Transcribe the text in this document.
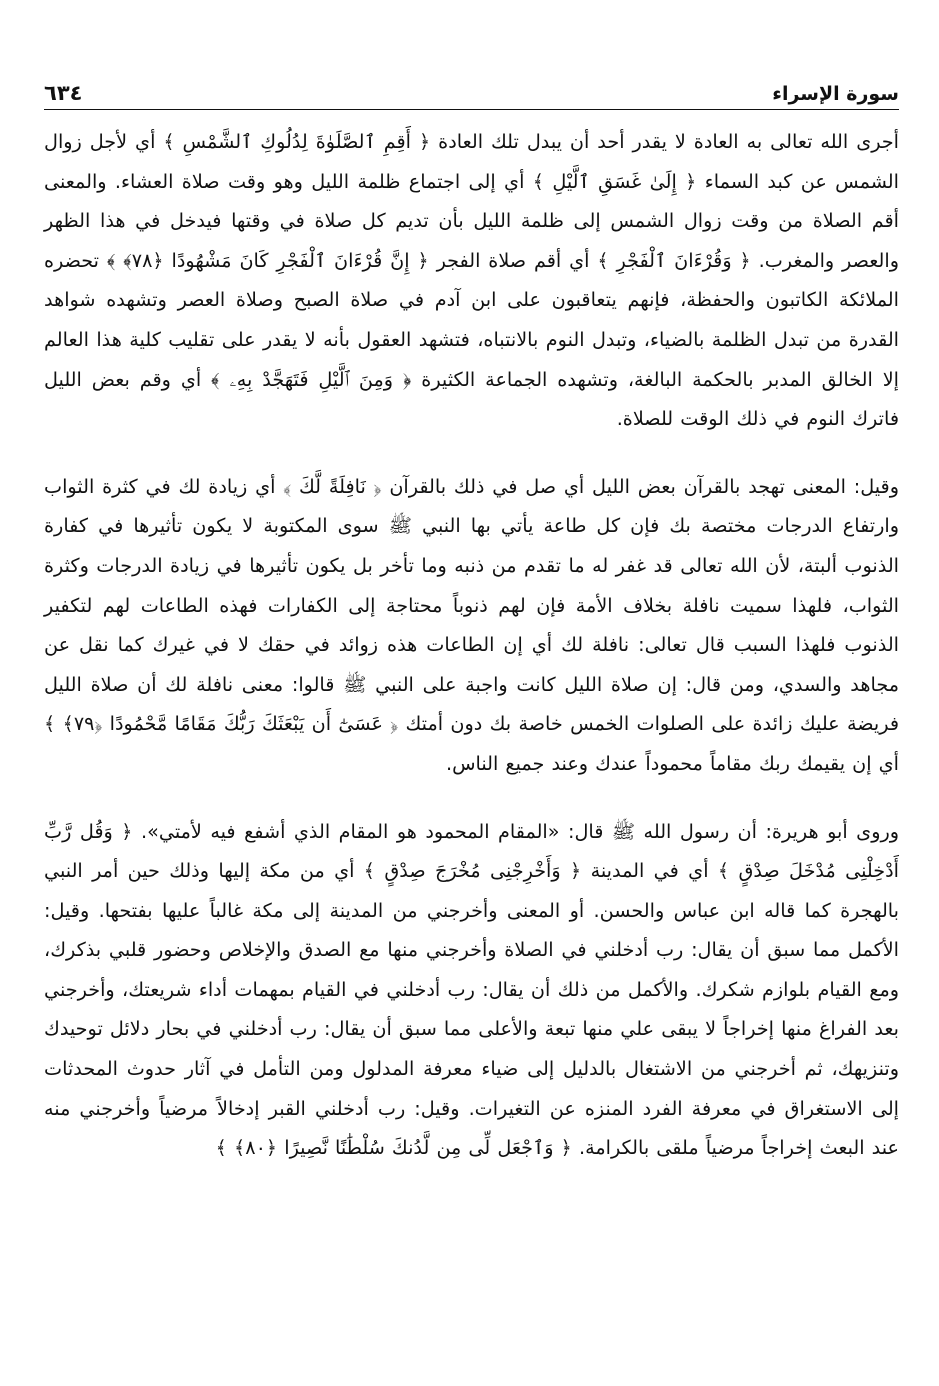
سورة الإسراء
٦٣٤

أجرى الله تعالى به العادة لا يقدر أحد أن يبدل تلك العادة ﴿ أَقِمِ ٱلصَّلَوٰةَ لِدُلُوكِ ٱلشَّمْسِ ﴾ أي لأجل زوال الشمس عن كبد السماء ﴿ إِلَىٰ غَسَقِ ٱلَّيْلِ ﴾ أي إلى اجتماع ظلمة الليل وهو وقت صلاة العشاء. والمعنى أقم الصلاة من وقت زوال الشمس إلى ظلمة الليل بأن تديم كل صلاة في وقتها فيدخل في هذا الظهر والعصر والمغرب. ﴿ وَقُرْءَانَ ٱلْفَجْرِ ﴾ أي أقم صلاة الفجر ﴿ إِنَّ قُرْءَانَ ٱلْفَجْرِ كَانَ مَشْهُودًا ﴿٧٨﴾ ﴾ تحضره الملائكة الكاتبون والحفظة، فإنهم يتعاقبون على ابن آدم في صلاة الصبح وصلاة العصر وتشهده شواهد القدرة من تبدل الظلمة بالضياء، وتبدل النوم بالانتباه، فتشهد العقول بأنه لا يقدر على تقليب كلية هذا العالم إلا الخالق المدبر بالحكمة البالغة، وتشهده الجماعة الكثيرة ﴿ وَمِنَ ٱلَّيْلِ فَتَهَجَّدْ بِهِۦ ﴾ أي وقم بعض الليل فاترك النوم في ذلك الوقت للصلاة.

وقيل: المعنى تهجد بالقرآن بعض الليل أي صل في ذلك بالقرآن ﴿ نَافِلَةً لَّكَ ﴾ أي زيادة لك في كثرة الثواب وارتفاع الدرجات مختصة بك فإن كل طاعة يأتي بها النبي ﷺ سوى المكتوبة لا يكون تأثيرها في كفارة الذنوب ألبتة، لأن الله تعالى قد غفر له ما تقدم من ذنبه وما تأخر بل يكون تأثيرها في زيادة الدرجات وكثرة الثواب، فلهذا سميت نافلة بخلاف الأمة فإن لهم ذنوباً محتاجة إلى الكفارات فهذه الطاعات لهم لتكفير الذنوب فلهذا السبب قال تعالى: نافلة لك أي إن الطاعات هذه زوائد في حقك لا في غيرك كما نقل عن مجاهد والسدي، ومن قال: إن صلاة الليل كانت واجبة على النبي ﷺ قالوا: معنى نافلة لك أن صلاة الليل فريضة عليك زائدة على الصلوات الخمس خاصة بك دون أمتك ﴿ عَسَىٰٓ أَن يَبْعَثَكَ رَبُّكَ مَقَامًا مَّحْمُودًا ﴿٧٩﴾ ﴾ أي إن يقيمك ربك مقاماً محموداً عندك وعند جميع الناس.

وروى أبو هريرة: أن رسول الله ﷺ قال: «المقام المحمود هو المقام الذي أشفع فيه لأمتي». ﴿ وَقُل رَّبِّ أَدْخِلْنِى مُدْخَلَ صِدْقٍ ﴾ أي في المدينة ﴿ وَأَخْرِجْنِى مُخْرَجَ صِدْقٍ ﴾ أي من مكة إليها وذلك حين أمر النبي بالهجرة كما قاله ابن عباس والحسن. أو المعنى وأخرجني من المدينة إلى مكة غالباً عليها بفتحها. وقيل: الأكمل مما سبق أن يقال: رب أدخلني في الصلاة وأخرجني منها مع الصدق والإخلاص وحضور قلبي بذكرك، ومع القيام بلوازم شكرك. والأكمل من ذلك أن يقال: رب أدخلني في القيام بمهمات أداء شريعتك، وأخرجني بعد الفراغ منها إخراجاً لا يبقى علي منها تبعة والأعلى مما سبق أن يقال: رب أدخلني في بحار دلائل توحيدك وتنزيهك، ثم أخرجني من الاشتغال بالدليل إلى ضياء معرفة المدلول ومن التأمل في آثار حدوث المحدثات إلى الاستغراق في معرفة الفرد المنزه عن التغيرات. وقيل: رب أدخلني القبر إدخالاً مرضياً وأخرجني منه عند البعث إخراجاً مرضياً ملقى بالكرامة. ﴿ وَٱجْعَل لِّى مِن لَّدُنكَ سُلْطَٰنًا نَّصِيرًا ﴿٨٠﴾ ﴾
